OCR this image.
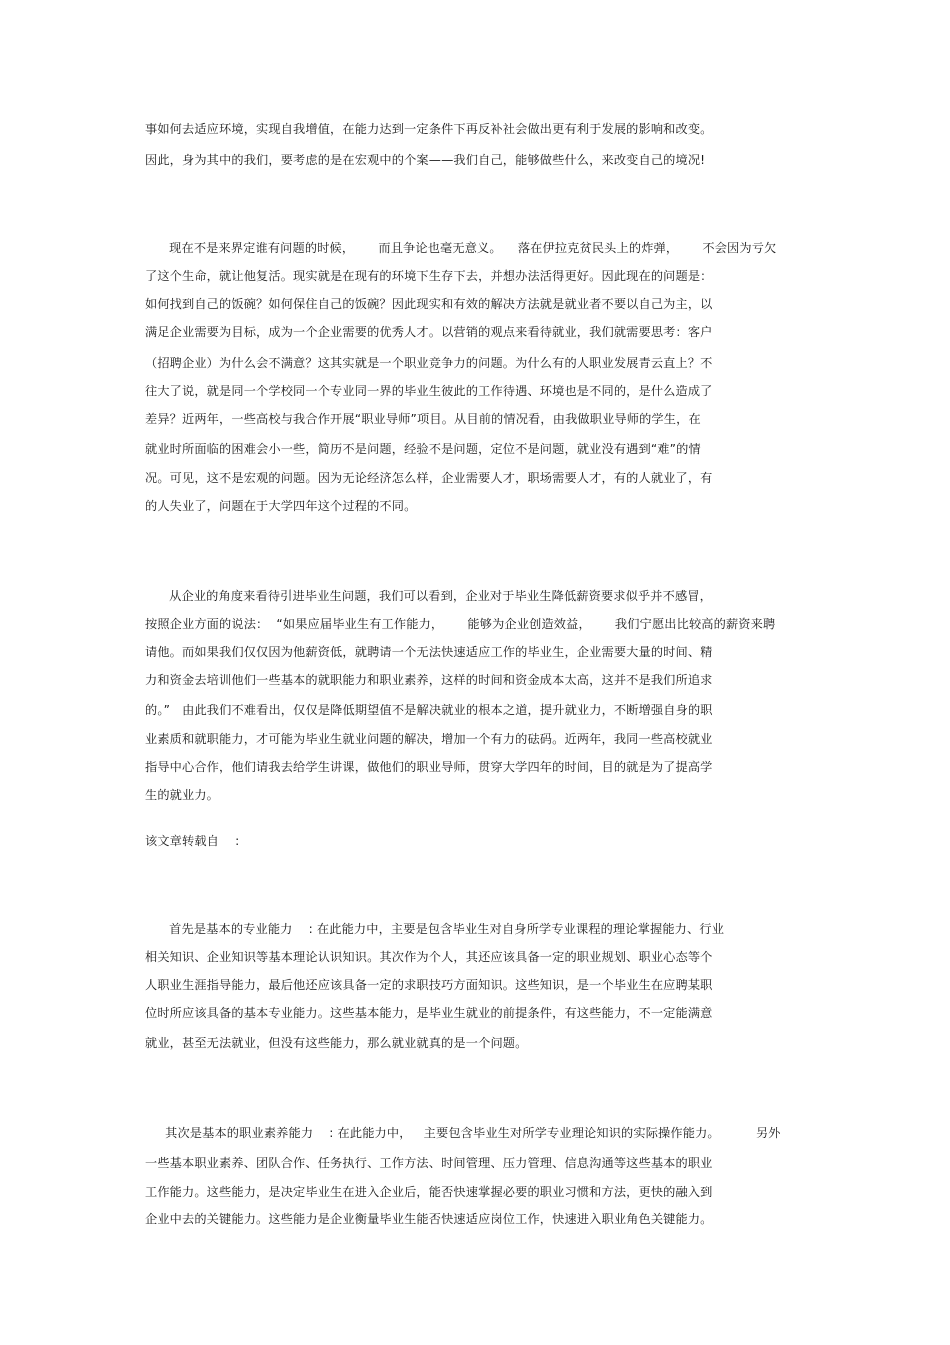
事如何去适应环境，实现自我增值，在能力达到一定条件下再反补社会做出更有利于发展的影响和改变。
因此，身为其中的我们，要考虑的是在宏观中的个案——我们自己，能够做些什么，来改变自己的境况!
现在不是来界定谁有问题的时候，      而且争论也毫无意义。    落在伊拉克贫民头上的炸弹，      不会因为亏欠
了这个生命，就让他复活。现实就是在现有的环境下生存下去，并想办法活得更好。因此现在的问题是：
如何找到自己的饭碗？如何保住自己的饭碗？因此现实和有效的解决方法就是就业者不要以自己为主，以
满足企业需要为目标，成为一个企业需要的优秀人才。以营销的观点来看待就业，我们就需要思考：客户
（招聘企业）为什么会不满意？这其实就是一个职业竞争力的问题。为什么有的人职业发展青云直上？不
往大了说，就是同一个学校同一个专业同一界的毕业生彼此的工作待遇、环境也是不同的，是什么造成了
差异？近两年，一些高校与我合作开展“职业导师”项目。从目前的情况看，由我做职业导师的学生，在
就业时所面临的困难会小一些，简历不是问题，经验不是问题，定位不是问题，就业没有遇到“难”的情
况。可见，这不是宏观的问题。因为无论经济怎么样，企业需要人才，职场需要人才，有的人就业了，有
的人失业了，问题在于大学四年这个过程的不同。
从企业的角度来看待引进毕业生问题，我们可以看到，企业对于毕业生降低薪资要求似乎并不感冒，
按照企业方面的说法：  “如果应届毕业生有工作能力，      能够为企业创造效益，      我们宁愿出比较高的薪资来聘
请他。而如果我们仅仅因为他薪资低，就聘请一个无法快速适应工作的毕业生，企业需要大量的时间、精
力和资金去培训他们一些基本的就职能力和职业素养，这样的时间和资金成本太高，这并不是我们所追求
的。”   由此我们不难看出，仅仅是降低期望值不是解决就业的根本之道，提升就业力，不断增强自身的职
业素质和就职能力，才可能为毕业生就业问题的解决，增加一个有力的砝码。近两年，我同一些高校就业
指导中心合作，他们请我去给学生讲课，做他们的职业导师，贯穿大学四年的时间，目的就是为了提高学
生的就业力。
该文章转载自    :
首先是基本的专业能力    : 在此能力中，主要是包含毕业生对自身所学专业课程的理论掌握能力、行业
相关知识、企业知识等基本理论认识知识。其次作为个人，其还应该具备一定的职业规划、职业心态等个
人职业生涯指导能力，最后他还应该具备一定的求职技巧方面知识。这些知识，是一个毕业生在应聘某职
位时所应该具备的基本专业能力。这些基本能力，是毕业生就业的前提条件，有这些能力，不一定能满意
就业，甚至无法就业，但没有这些能力，那么就业就真的是一个问题。
其次是基本的职业素养能力    : 在此能力中，   主要包含毕业生对所学专业理论知识的实际操作能力。         另外
一些基本职业素养、团队合作、任务执行、工作方法、时间管理、压力管理、信息沟通等这些基本的职业
工作能力。这些能力，是决定毕业生在进入企业后，能否快速掌握必要的职业习惯和方法，更快的融入到
企业中去的关键能力。这些能力是企业衡量毕业生能否快速适应岗位工作，快速进入职业角色关键能力。
